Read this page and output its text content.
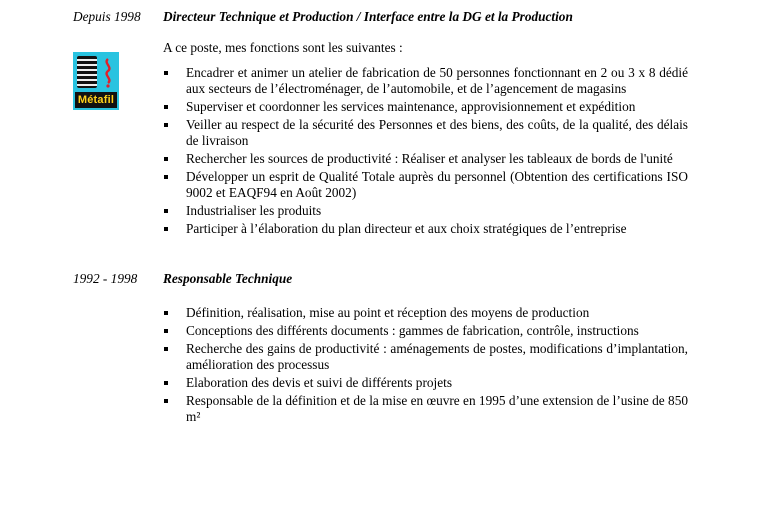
Depuis 1998 Directeur Technique et Production / Interface entre la DG et la Production
Métafil
A ce poste, mes fonctions sont les suivantes :
Encadrer et animer un atelier de fabrication de 50 personnes fonctionnant en 2 ou 3 x 8 dédié aux secteurs de l’électroménager, de l’automobile, et de l’agencement de magasins
Superviser et coordonner les services maintenance, approvisionnement et expédition
Veiller au respect de la sécurité des Personnes et des biens, des coûts, de la qualité, des délais de livraison
Rechercher les sources de productivité : Réaliser et analyser les tableaux de bords de l'unité
Développer un esprit de Qualité Totale auprès du personnel (Obtention des certifications ISO 9002 et EAQF94 en Août 2002)
Industrialiser les produits
Participer à l’élaboration du plan directeur et aux choix stratégiques de l’entreprise
1992 - 1998 Responsable Technique
Définition, réalisation, mise au point et réception des moyens de production
Conceptions des différents documents : gammes de fabrication, contrôle, instructions
Recherche des gains de productivité : aménagements de postes, modifications d’implantation, amélioration des processus
Elaboration des devis et suivi de différents projets
Responsable de la définition et de la mise en œuvre en 1995 d’une extension de l’usine de 850 m²
